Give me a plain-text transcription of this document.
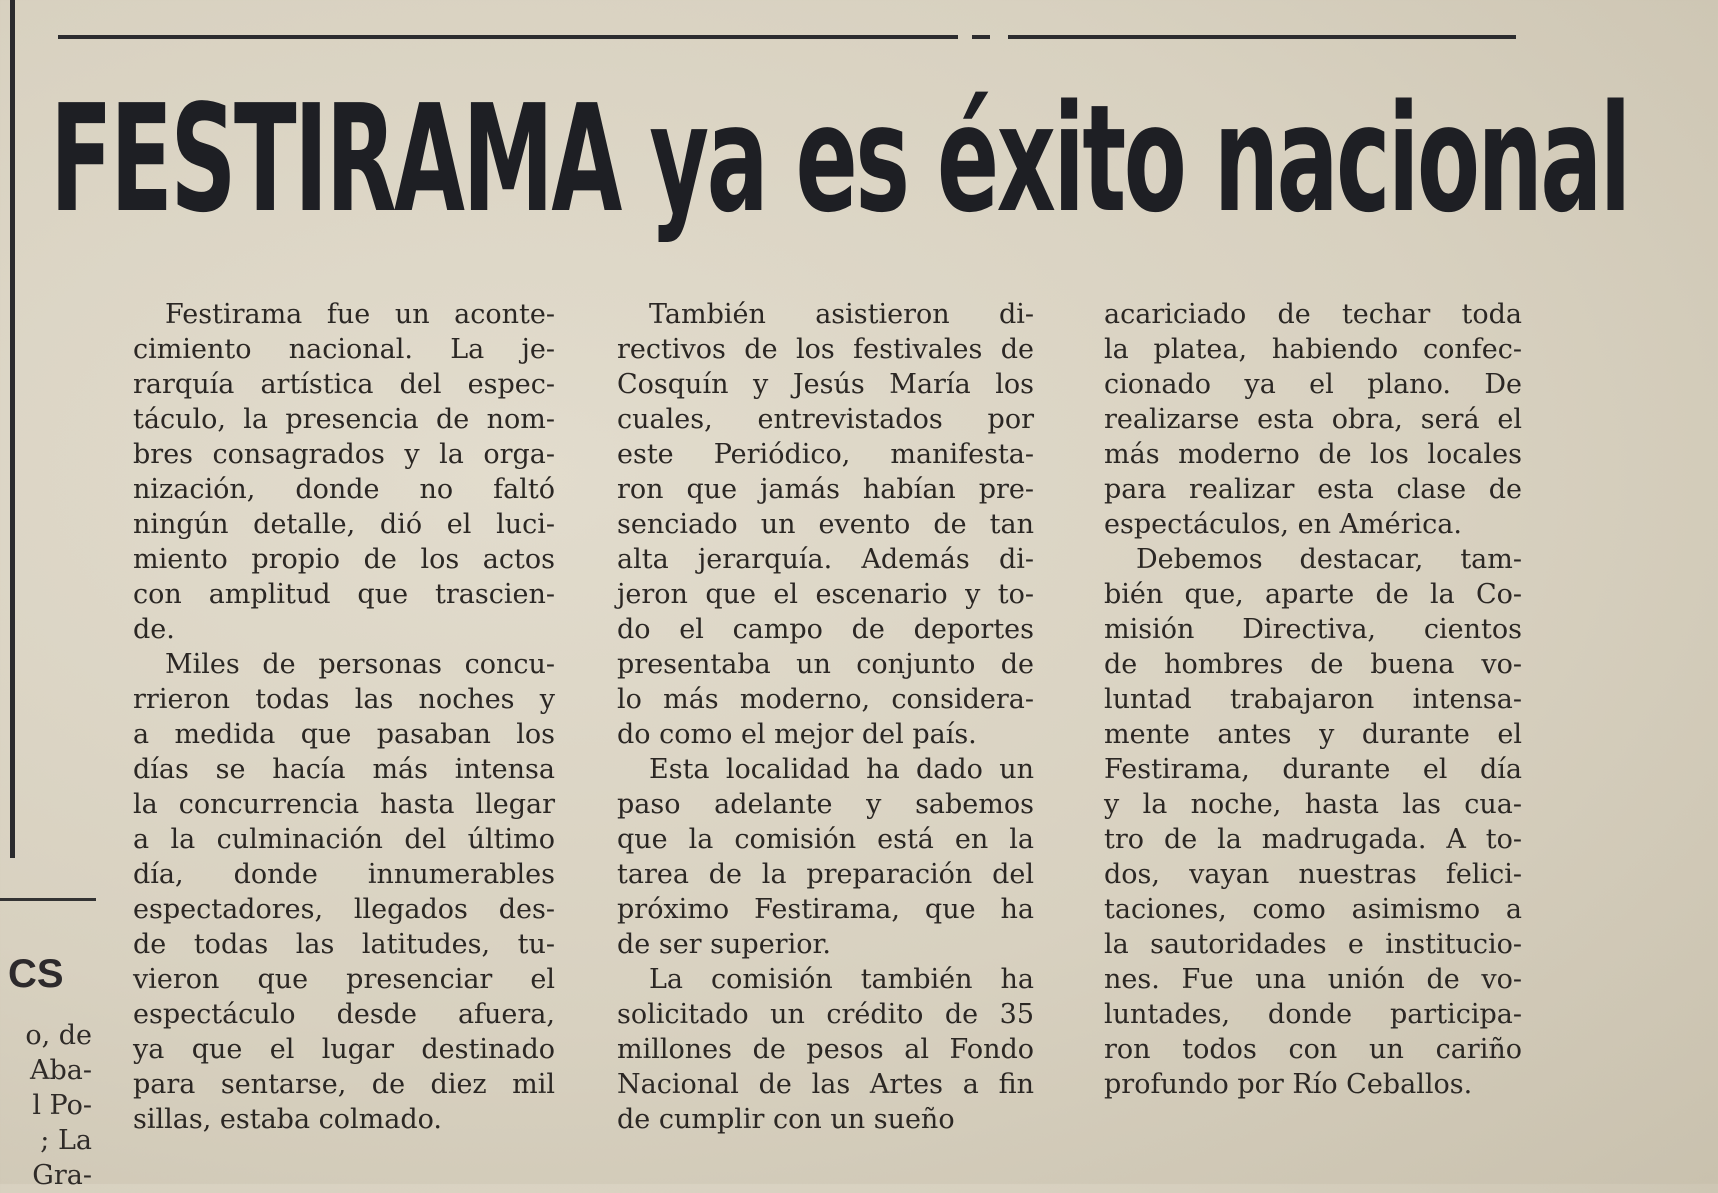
CS
o, de
Aba-
l Po-
; La
Gra-
FESTIRAMA ya es éxito nacional

Festirama fue un aconte-
cimiento nacional. La je-
rarquía artística del espec-
táculo, la presencia de nom-
bres consagrados y la orga-
nización, donde no faltó
ningún detalle, dió el luci-
miento propio de los actos
con amplitud que trascien-
de.

Miles de personas concu-
rrieron todas las noches y
a medida que pasaban los
días se hacía más intensa
la concurrencia hasta llegar
a la culminación del último
día, donde innumerables
espectadores, llegados des-
de todas las latitudes, tu-
vieron que presenciar el
espectáculo desde afuera,
ya que el lugar destinado
para sentarse, de diez mil
sillas, estaba colmado.

También asistieron di-
rectivos de los festivales de
Cosquín y Jesús María los
cuales, entrevistados por
este Periódico, manifesta-
ron que jamás habían pre-
senciado un evento de tan
alta jerarquía. Además di-
jeron que el escenario y to-
do el campo de deportes
presentaba un conjunto de
lo más moderno, considera-
do como el mejor del país.

Esta localidad ha dado un
paso adelante y sabemos
que la comisión está en la
tarea de la preparación del
próximo Festirama, que ha
de ser superior.

La comisión también ha
solicitado un crédito de 35
millones de pesos al Fondo
Nacional de las Artes a fin
de cumplir con un sueño

acariciado de techar toda
la platea, habiendo confec-
cionado ya el plano. De
realizarse esta obra, será el
más moderno de los locales
para realizar esta clase de
espectáculos, en América.

Debemos destacar, tam-
bién que, aparte de la Co-
misión Directiva, cientos
de hombres de buena vo-
luntad trabajaron intensa-
mente antes y durante el
Festirama, durante el día
y la noche, hasta las cua-
tro de la madrugada. A to-
dos, vayan nuestras felici-
taciones, como asimismo a
la sautoridades e institucio-
nes. Fue una unión de vo-
luntades, donde participa-
ron todos con un cariño
profundo por Río Ceballos.
